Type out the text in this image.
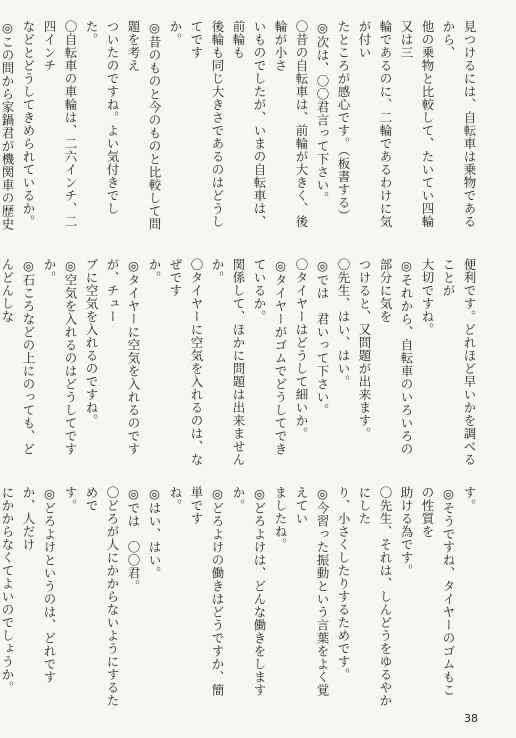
見つけるには、自転車は乗物であるから、

他の乗物と比較して、たいてい四輪又は三

輪であるのに、二輪であるわけに気が付い

たところが感心です。（板書する）

◎次は、〇〇君言って下さい。

〇昔の自転車は、前輪が大きく、後輪が小さ

いものでしたが、いまの自転車は、前輪も

後輪も同じ大きさであるのはどうしてです

か。

◎昔のものと今のものと比較して問題を考え

ついたのですね。よい気付きでした。

〇自転車の車輪は、二六インチ、二四インチ

などとどうしてきめられているか。

◎この問から家鍋君が機関車の歴史

便利です。どれほど早いかを調べることが

大切ですね。

◎それから、自転車のいろいろの部分に気を

つけると、又問題が出来ます。

〇先生、はい、はい。

◎では　君いって下さい。

〇タイヤーはどうして細いか。

◎タイヤーがゴムでどうしてできているか。

関係して、ほかに問題は出来ませんか。

〇タイヤーに空気を入れるのは、なぜです

か。

◎タイヤーに空気を入れるのですが、チュー

ブに空気を入れるのですね。

◎空気を入れるのはどうしてですか。

◎石ころなどの上にのっても、どんどんしな

す。

◎そうですね、タイヤーのゴムもこの性質を

助ける為です。

〇先生、それは、しんどうをゆるやかにした

り、小さくしたりするためです。

◎今習った振動という言葉をよく覚えてい

ましたね。

◎どろよけは、どんな働きをしますか。

◎どろよけの働きはどうですか、簡単です

ね。

◎はい、はい。

◎では　〇〇君。

〇どろが人にかからないようにするためで

す。

◎どろよけというのは、どれですか、人だけ

にかからなくてよいのでしょうか。

38
